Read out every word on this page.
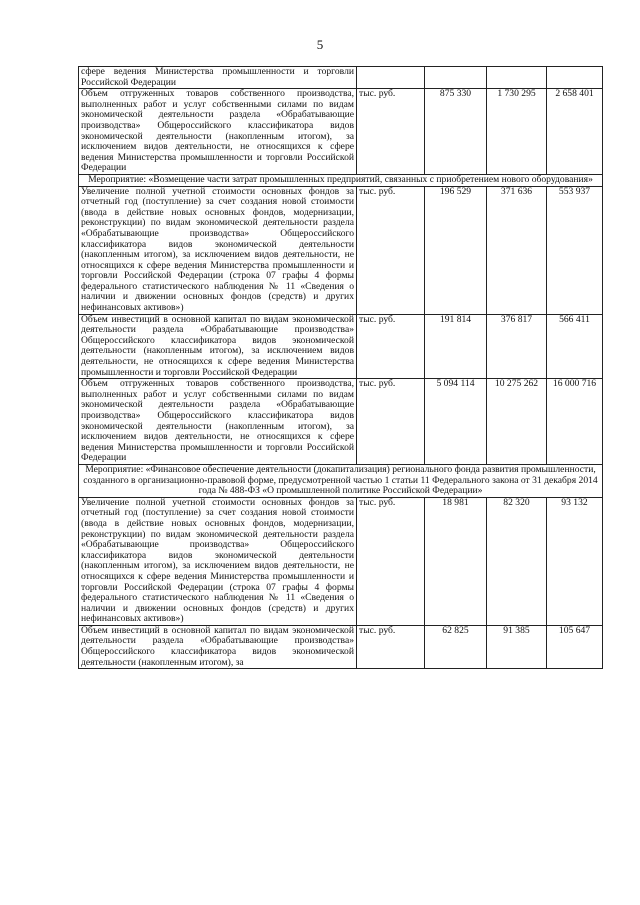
5
сфере ведения Министерства промышленности и торговли Российской Федерации				
Объем отгруженных товаров собственного производства, выполненных работ и услуг собственными силами по видам экономической деятельности раздела «Обрабатывающие производства» Общероссийского классификатора видов экономической деятельности (накопленным итогом), за исключением видов деятельности, не относящихся к сфере ведения Министерства промышленности и торговли Российской Федерации	тыс. руб.	875 330	1 730 295	2 658 401
Мероприятие: «Возмещение части затрат промышленных предприятий, связанных с приобретением нового оборудования»				
Увеличение полной учетной стоимости основных фондов за отчетный год (поступление) за счет создания новой стоимости (ввода в действие новых основных фондов, модернизации, реконструкции) по видам экономической деятельности раздела «Обрабатывающие производства» Общероссийского классификатора видов экономической деятельности (накопленным итогом), за исключением видов деятельности, не относящихся к сфере ведения Министерства промышленности и торговли Российской Федерации (строка 07 графы 4 формы федерального статистического наблюдения № 11 «Сведения о наличии и движении основных фондов (средств) и других нефинансовых активов»)	тыс. руб.	196 529	371 636	553 937
Объем инвестиций в основной капитал по видам экономической деятельности раздела «Обрабатывающие производства» Общероссийского классификатора видов экономической деятельности (накопленным итогом), за исключением видов деятельности, не относящихся к сфере ведения Министерства промышленности и торговли Российской Федерации	тыс. руб.	191 814	376 817	566 411
Объем отгруженных товаров собственного производства, выполненных работ и услуг собственными силами по видам экономической деятельности раздела «Обрабатывающие производства» Общероссийского классификатора видов экономической деятельности (накопленным итогом), за исключением видов деятельности, не относящихся к сфере ведения Министерства промышленности и торговли Российской Федерации	тыс. руб.	5 094 114	10 275 262	16 000 716
Мероприятие: «Финансовое обеспечение деятельности (докапитализация) регионального фонда развития промышленности, созданного в организационно-правовой форме, предусмотренной частью 1 статьи 11 Федерального закона от 31 декабря 2014 года № 488-ФЗ «О промышленной политике Российской Федерации»				
Увеличение полной учетной стоимости основных фондов за отчетный год (поступление) за счет создания новой стоимости (ввода в действие новых основных фондов, модернизации, реконструкции) по видам экономической деятельности раздела «Обрабатывающие производства» Общероссийского классификатора видов экономической деятельности (накопленным итогом), за исключением видов деятельности, не относящихся к сфере ведения Министерства промышленности и торговли Российской Федерации (строка 07 графы 4 формы федерального статистического наблюдения № 11 «Сведения о наличии и движении основных фондов (средств) и других нефинансовых активов»)	тыс. руб.	18 981	82 320	93 132
Объем инвестиций в основной капитал по видам экономической деятельности раздела «Обрабатывающие производства» Общероссийского классификатора видов экономической деятельности (накопленным итогом), за	тыс. руб.	62 825	91 385	105 647
